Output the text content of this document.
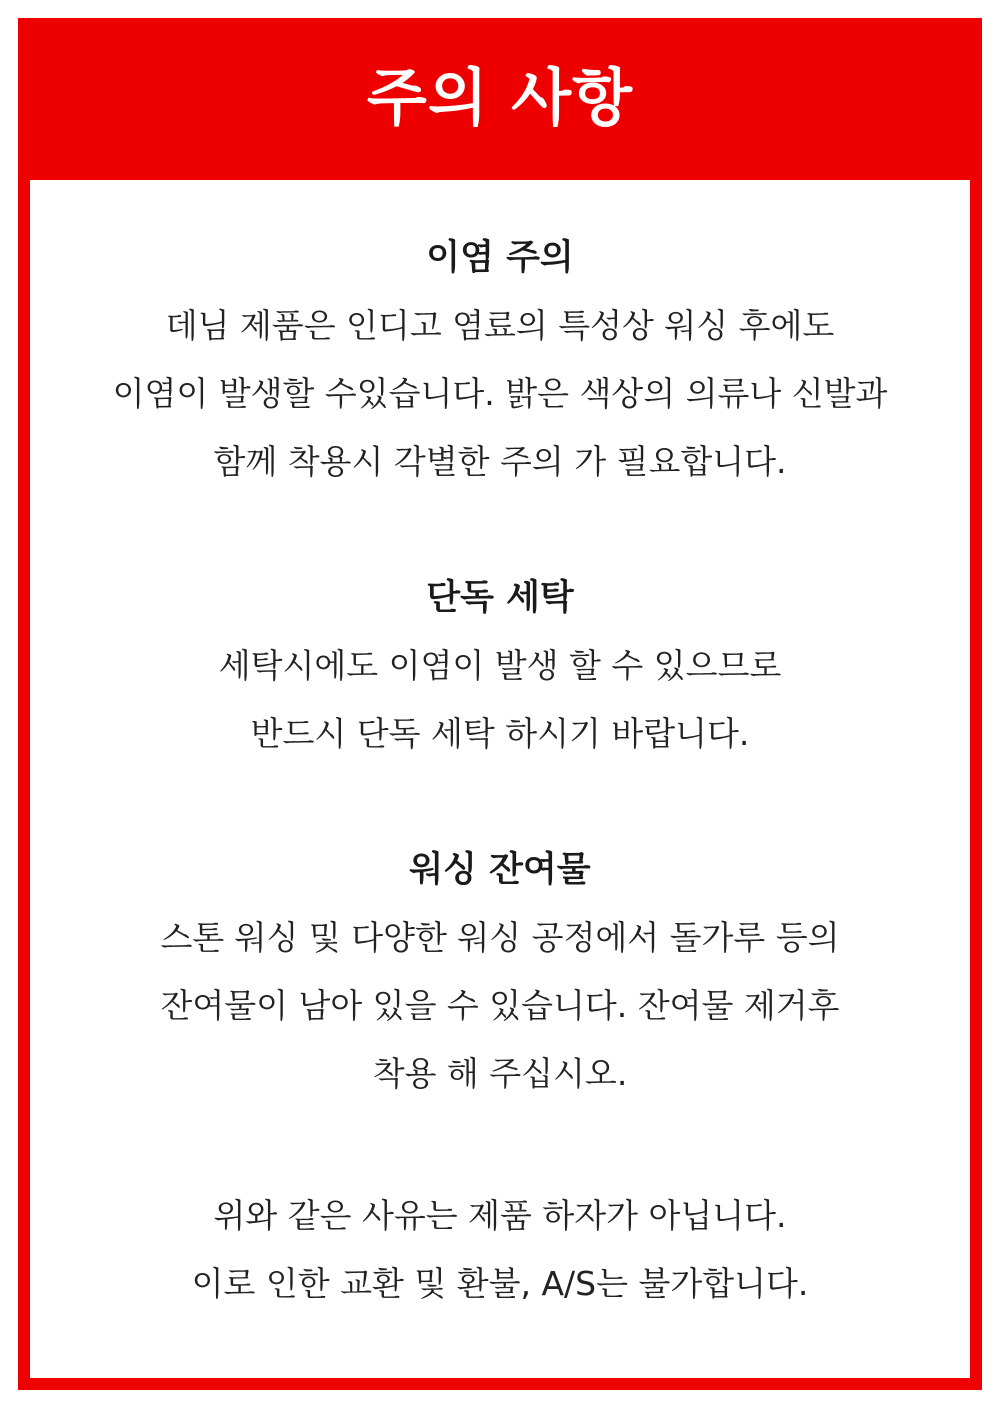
주의 사항

이염 주의

데님 제품은 인디고 염료의 특성상 워싱 후에도

이염이 발생할 수있습니다. 밝은 색상의 의류나 신발과

함께 착용시 각별한 주의 가 필요합니다.

단독 세탁

세탁시에도 이염이 발생 할 수 있으므로

반드시 단독 세탁 하시기 바랍니다.

워싱 잔여물

스톤 워싱 및 다양한 워싱 공정에서 돌가루 등의

잔여물이 남아 있을 수 있습니다. 잔여물 제거후

착용 해 주십시오.

위와 같은 사유는 제품 하자가 아닙니다.

이로 인한 교환 및 환불, A/S는 불가합니다.
